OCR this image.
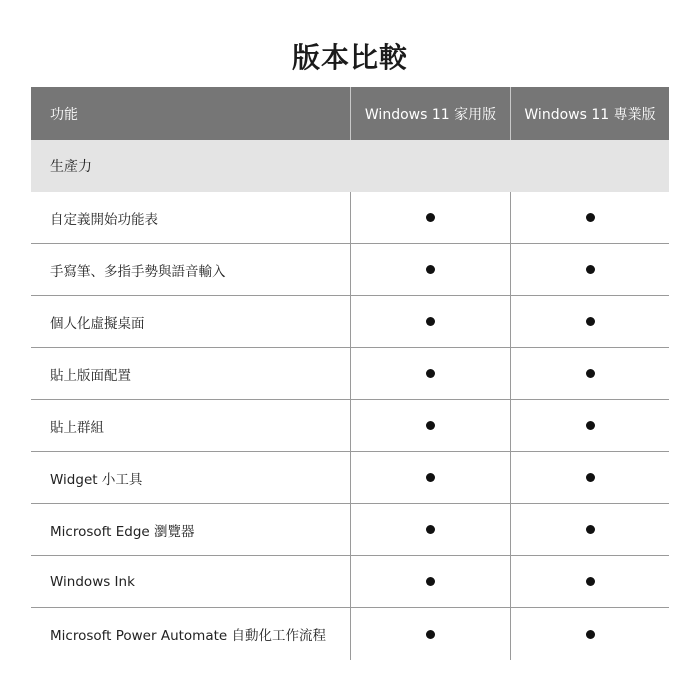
版本比較
功能	Windows 11 家用版	Windows 11 專業版
生產力
自定義開始功能表
手寫筆、多指手勢與語音輸入
個人化虛擬桌面
貼上版面配置
貼上群組
Widget 小工具
Microsoft Edge 瀏覽器
Windows Ink
Microsoft Power Automate 自動化工作流程
